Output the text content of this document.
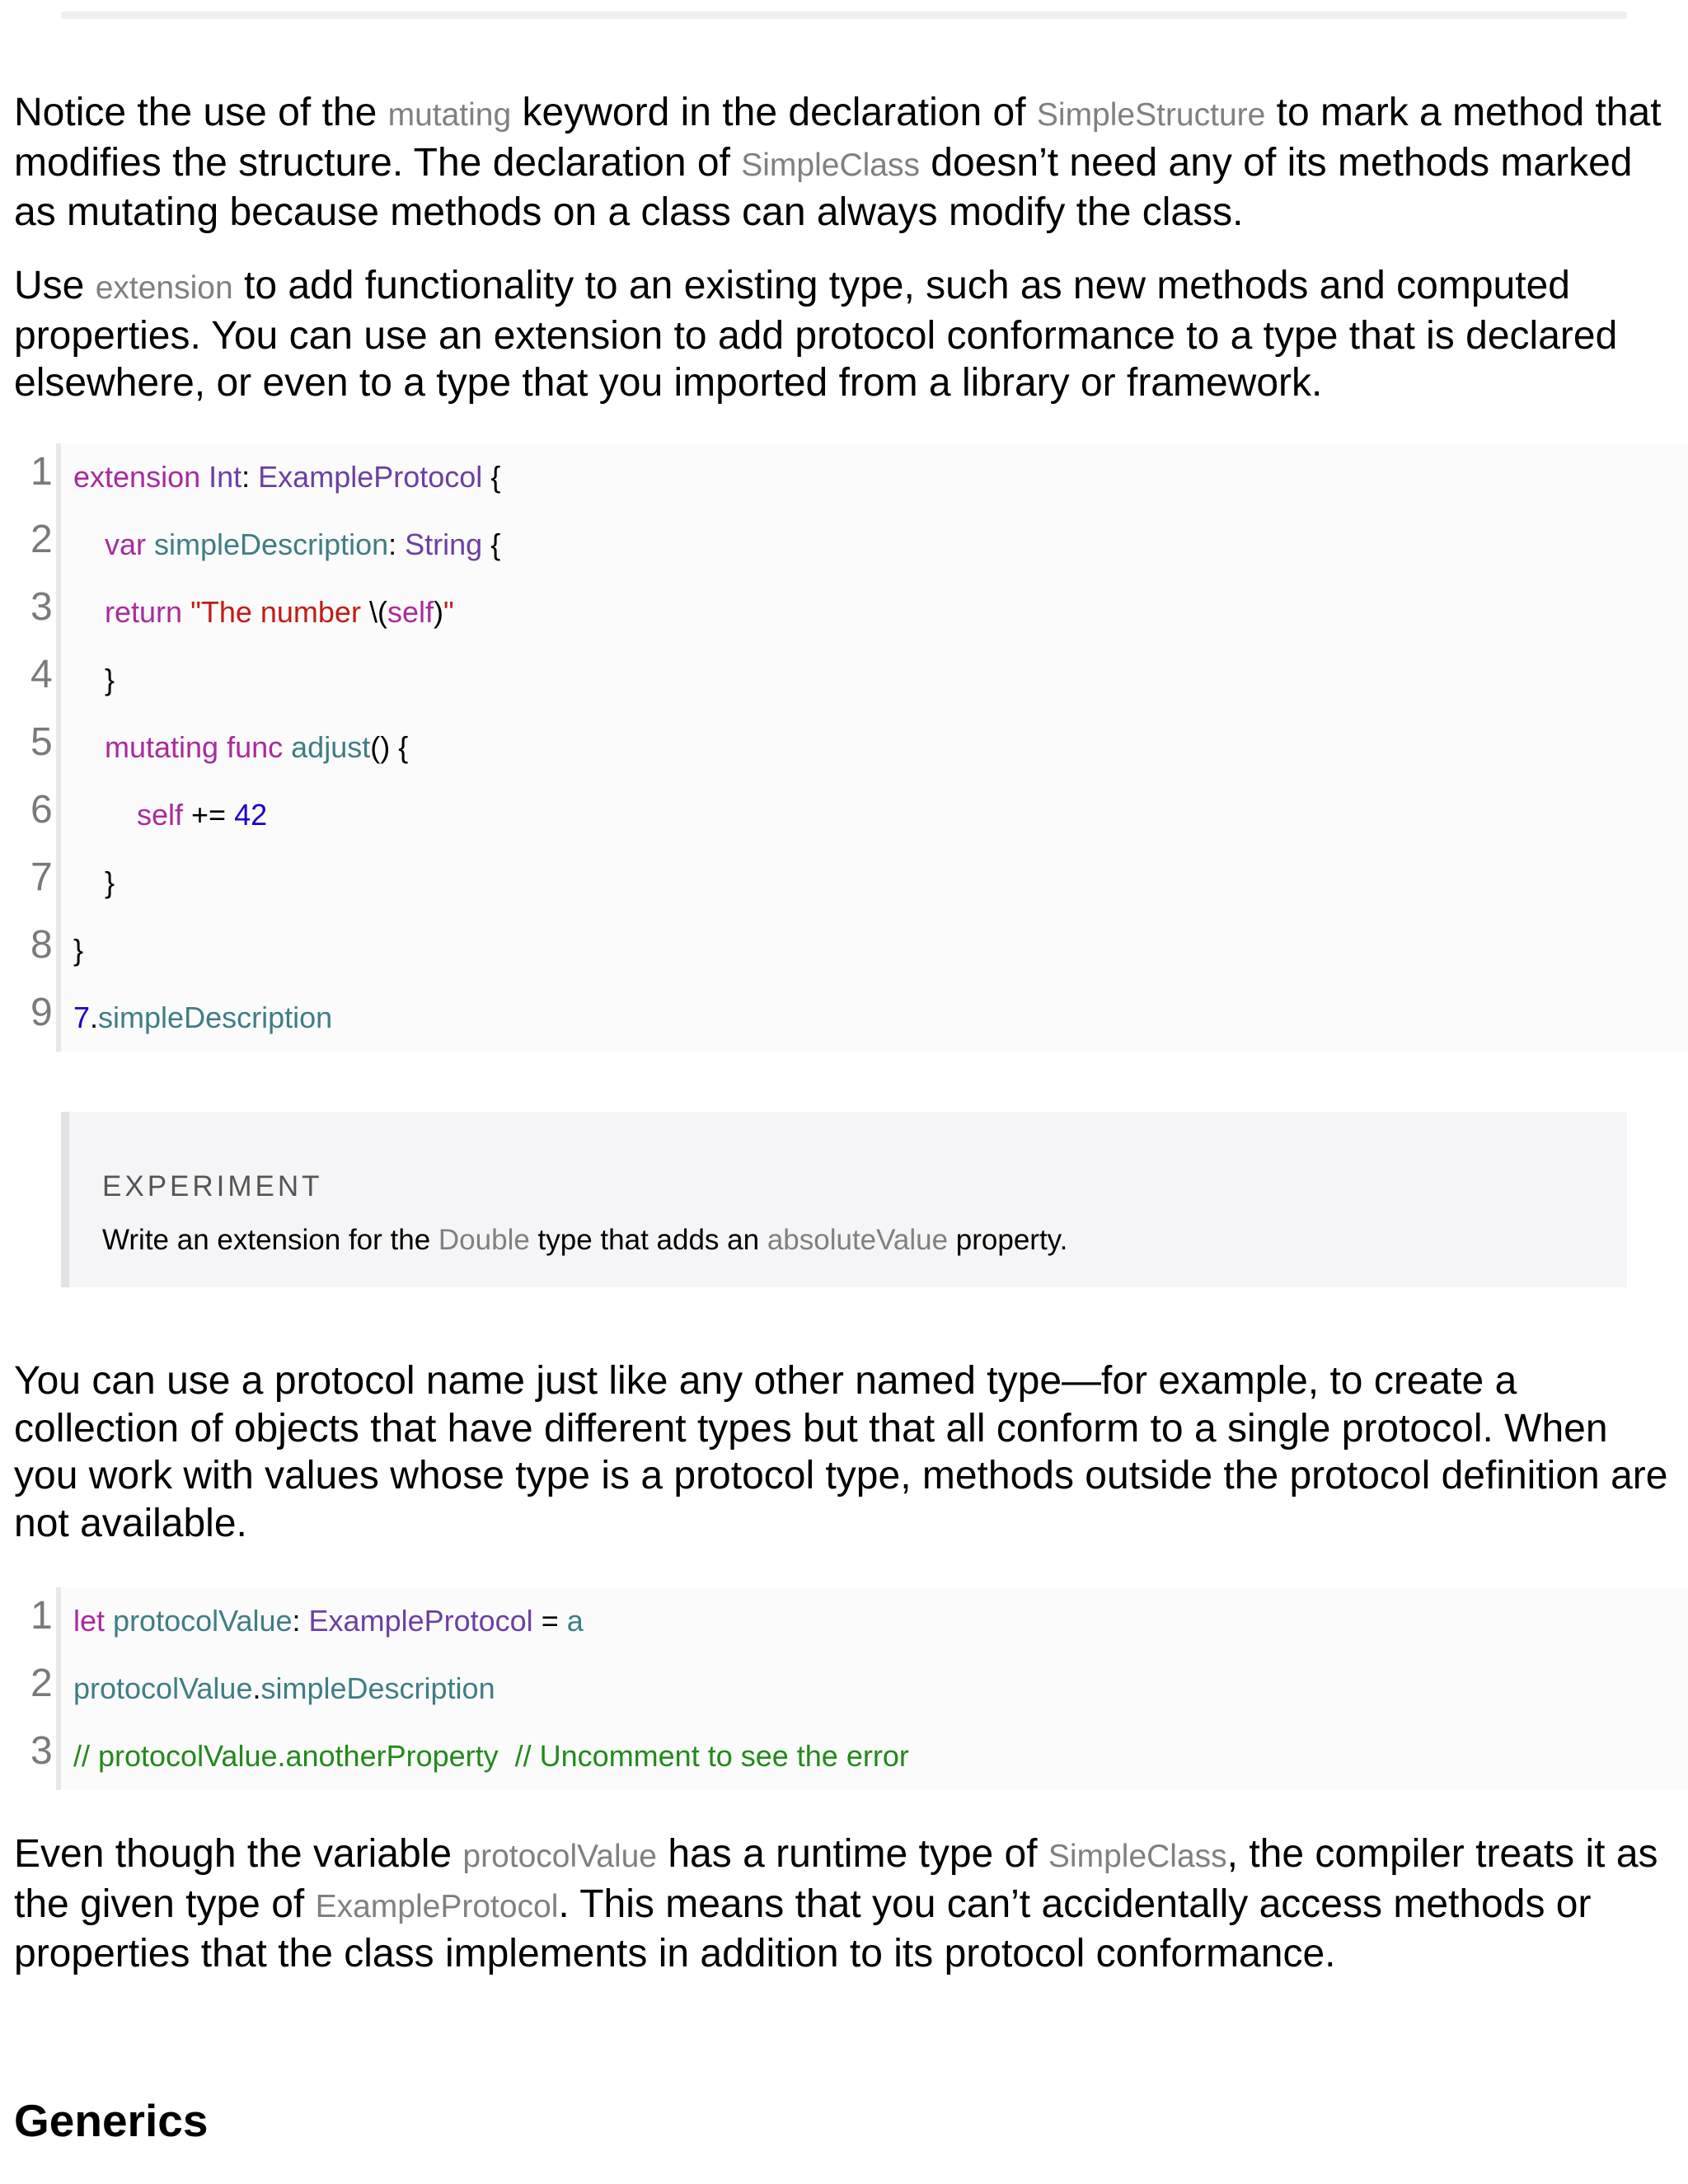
Notice the use of the mutating keyword in the declaration of SimpleStructure to mark a method that modifies the structure. The declaration of SimpleClass doesn’t need any of its methods marked as mutating because methods on a class can always modify the class.

Use extension to add functionality to an existing type, such as new methods and computed properties. You can use an extension to add protocol conformance to a type that is declared elsewhere, or even to a type that you imported from a library or framework.

1 extension Int: ExampleProtocol {
2	var simpleDescription: String {
3	return "The number \(self)"
4	}
5	mutating func adjust() {
6	self += 42
7	}
8 }
9 7.simpleDescription
EXPERIMENT
Write an extension for the Double type that adds an absoluteValue property.

You can use a protocol name just like any other named type—for example, to create a collection of objects that have different types but that all conform to a single protocol. When you work with values whose type is a protocol type, methods outside the protocol definition are not available.

1 let protocolValue: ExampleProtocol = a
2 protocolValue.simpleDescription
3 // protocolValue.anotherProperty  // Uncomment to see the error

Even though the variable protocolValue has a runtime type of SimpleClass, the compiler treats it as the given type of ExampleProtocol. This means that you can’t accidentally access methods or properties that the class implements in addition to its protocol conformance.

Generics
